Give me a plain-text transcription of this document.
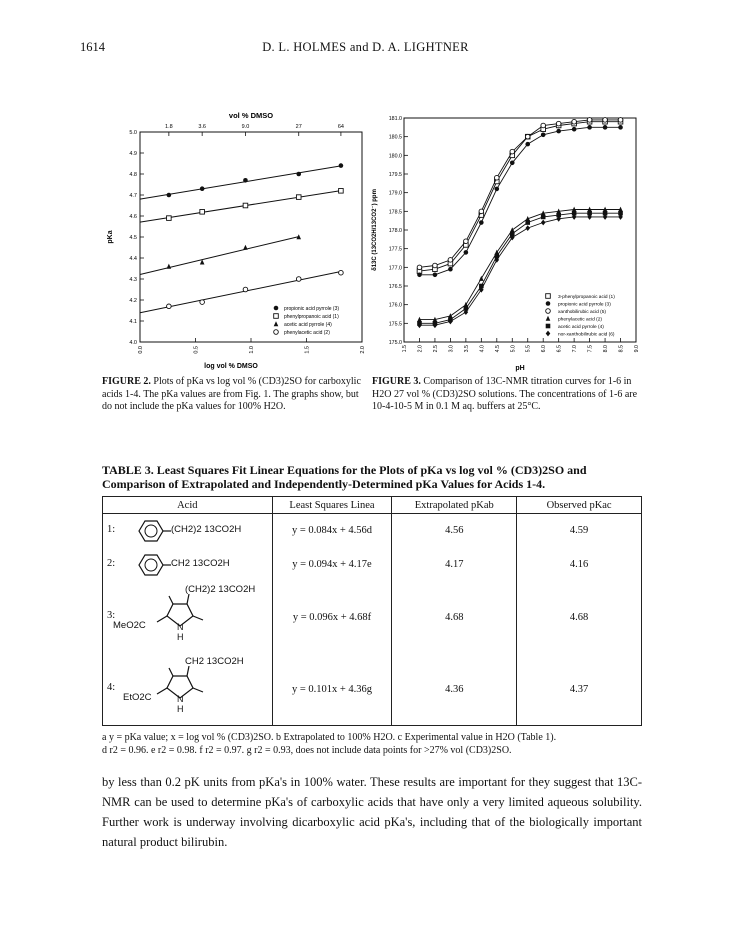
1614	D. L. HOLMES and D. A. LIGHTNER
vol % DMSO
1.8	3.6	9.0	27	64
5.0
4.9
4.8
4.7
4.6
4.5
4.4
4.3
4.2
4.1
4.0
pKa
0.0	0.5	1.0	1.5	2.0
log vol % DMSO
propionic acid pyrrole (3)
phenylpropanoic acid (1)
acetic acid pyrrole (4)
phenylacetic acid (2)
181.0
180.5
180.0
179.5
179.0
178.5
178.0
177.5
177.0
176.5
176.0
175.5
175.0
δ13C (13CO2H/13CO2⁻) ppm
1.5 2.0 2.5 3.0 3.5 4.0 4.5 5.0 5.5 6.0 6.5 7.0 7.5 8.0 8.5 9.0
pH
3-phenylpropanoic acid (1)
propionic acid pyrrole (3)
xanthobilirubic acid (5)
phenylacetic acid (2)
acetic acid pyrrole (4)
nor-xanthobilirubic acid (6)
FIGURE 2. Plots of pKa vs log vol % (CD3)2SO for carboxylic acids 1-4. The pKa values are from Fig. 1. The graphs show, but do not include the pKa values for 100% H2O.
FIGURE 3. Comparison of 13C-NMR titration curves for 1-6 in H2O 27 vol % (CD3)2SO solutions. The concentrations of 1-6 are 10-4-10-5 M in 0.1 M aq. buffers at 25°C.
TABLE 3. Least Squares Fit Linear Equations for the Plots of pKa vs log vol % (CD3)2SO and Comparison of Extrapolated and Independently-Determined pKa Values for Acids 1-4.
Acid	Least Squares Linea	Extrapolated pKab	Observed pKac

1: (CH2)2 13CO2H	y = 0.084x + 4.56d	4.56	4.59

2: CH2 13CO2H	y = 0.094x + 4.17e	4.17	4.16

3:
(CH2)2 13CO2H
MeO2C N H	y = 0.096x + 4.68f	4.68	4.68

4:
CH2 13CO2H
EtO2C N H	y = 0.101x + 4.36g	4.36	4.37
a y = pKa value; x = log vol % (CD3)2SO. b Extrapolated to 100% H2O. c Experimental value in H2O (Table 1).
d r2 = 0.96. e r2 = 0.98. f r2 = 0.97. g r2 = 0.93, does not include data points for >27% vol (CD3)2SO.
by less than 0.2 pK units from pKa's in 100% water. These results are important for they suggest that 13C-NMR can be used to determine pKa's of carboxylic acids that have only a very limited aqueous solubility. Further work is underway involving dicarboxylic acid pKa's, including that of the biologically important natural product bilirubin.
